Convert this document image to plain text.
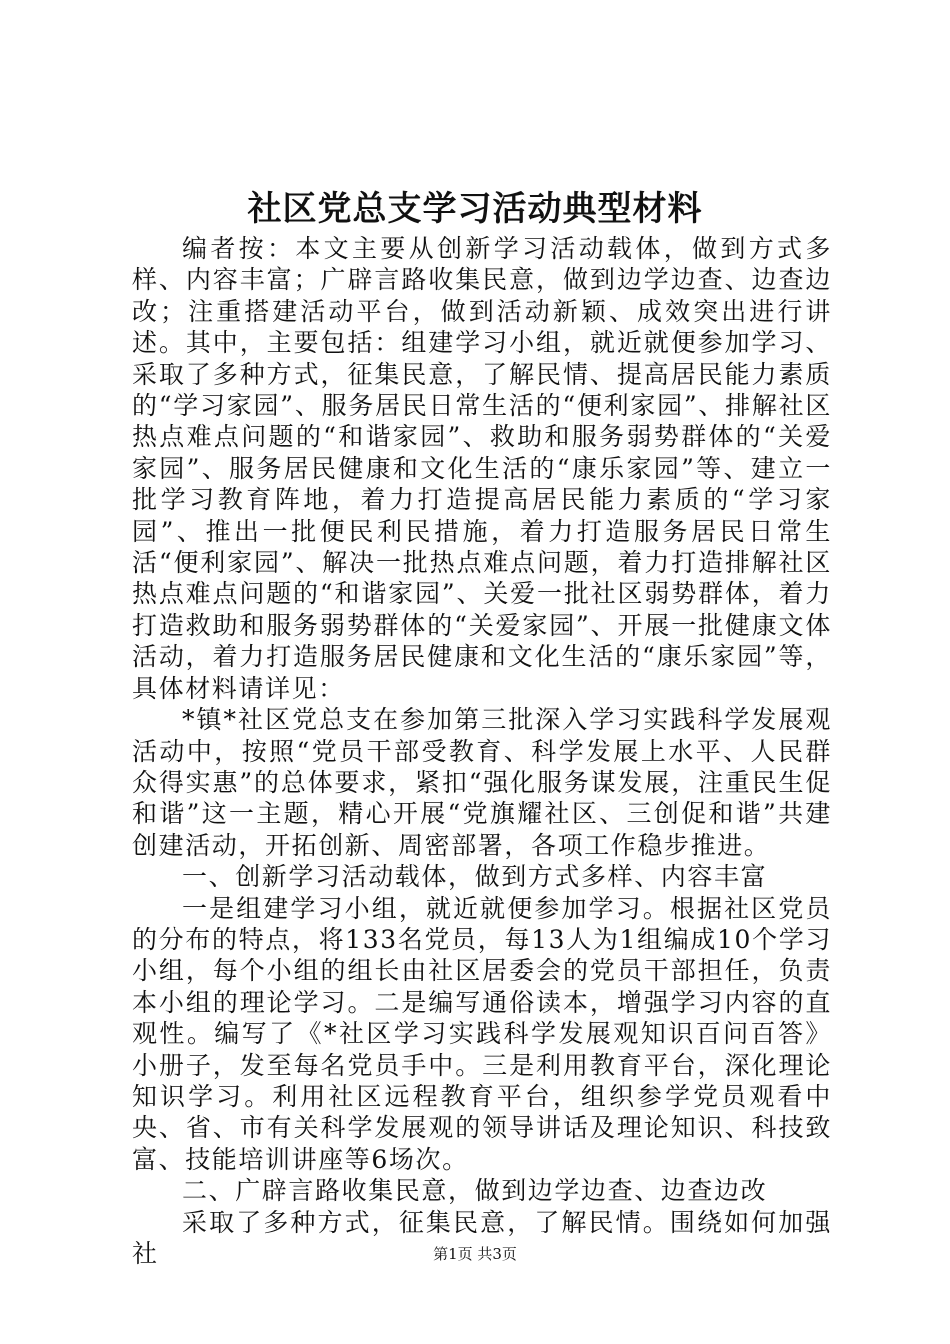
社区党总支学习活动典型材料

编者按：本文主要从创新学习活动载体，做到方式多样、内容丰富；广辟言路收集民意，做到边学边查、边查边改；注重搭建活动平台，做到活动新颖、成效突出进行讲述。其中，主要包括：组建学习小组，就近就便参加学习、采取了多种方式，征集民意，了解民情、提高居民能力素质的“学习家园”、服务居民日常生活的“便利家园”、排解社区热点难点问题的“和谐家园”、救助和服务弱势群体的“关爱家园”、服务居民健康和文化生活的“康乐家园”等、建立一批学习教育阵地，着力打造提高居民能力素质的“学习家园”、推出一批便民利民措施，着力打造服务居民日常生活“便利家园”、解决一批热点难点问题，着力打造排解社区热点难点问题的“和谐家园”、关爱一批社区弱势群体，着力打造救助和服务弱势群体的“关爱家园”、开展一批健康文体活动，着力打造服务居民健康和文化生活的“康乐家园”等，具体材料请详见：

*镇*社区党总支在参加第三批深入学习实践科学发展观活动中，按照“党员干部受教育、科学发展上水平、人民群众得实惠”的总体要求，紧扣“强化服务谋发展，注重民生促和谐”这一主题，精心开展“党旗耀社区、三创促和谐”共建创建活动，开拓创新、周密部署，各项工作稳步推进。

一、创新学习活动载体，做到方式多样、内容丰富

一是组建学习小组，就近就便参加学习。根据社区党员的分布的特点，将133名党员，每13人为1组编成10个学习小组，每个小组的组长由社区居委会的党员干部担任，负责本小组的理论学习。二是编写通俗读本，增强学习内容的直观性。编写了《*社区学习实践科学发展观知识百问百答》小册子，发至每名党员手中。三是利用教育平台，深化理论知识学习。利用社区远程教育平台，组织参学党员观看中央、省、市有关科学发展观的领导讲话及理论知识、科技致富、技能培训讲座等6场次。

二、广辟言路收集民意，做到边学边查、边查边改

采取了多种方式，征集民意，了解民情。围绕如何加强社	第1页 共3页
